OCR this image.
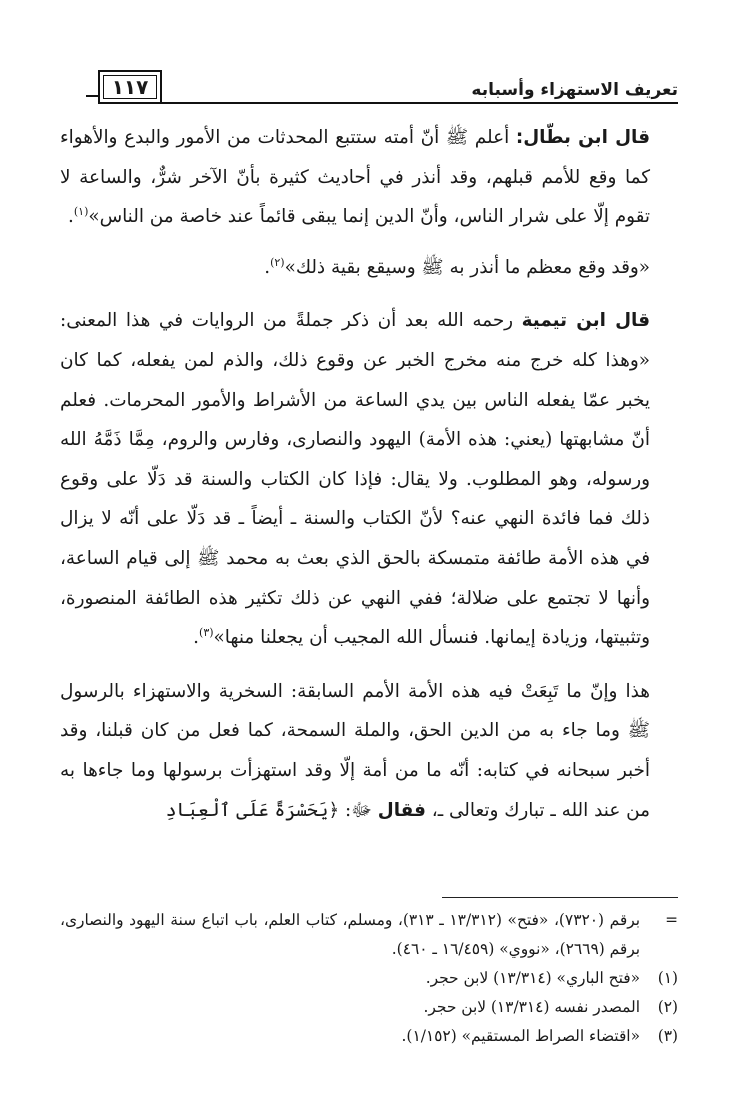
تعريف الاستهزاء وأسبابه
١١٧

قال ابن بطّال: أعلم ﷺ أنّ أمته ستتبع المحدثات من الأمور والبدع والأهواء كما وقع للأمم قبلهم، وقد أنذر في أحاديث كثيرة بأنّ الآخر شرٌّ، والساعة لا تقوم إلّا على شرار الناس، وأنّ الدين إنما يبقى قائماً عند خاصة من الناس»$^{(١)}$.

«وقد وقع معظم ما أنذر به ﷺ وسيقع بقية ذلك»$^{(٢)}$.

قال ابن تيمية رحمه الله بعد أن ذكر جملةً من الروايات في هذا المعنى: «وهذا كله خرج منه مخرج الخبر عن وقوع ذلك، والذم لمن يفعله، كما كان يخبر عمّا يفعله الناس بين يدي الساعة من الأشراط والأمور المحرمات. فعلم أنّ مشابهتها (يعني: هذه الأمة) اليهود والنصارى، وفارس والروم، مِمَّا ذَمَّهُ الله ورسوله، وهو المطلوب. ولا يقال: فإذا كان الكتاب والسنة قد دَلّا على وقوع ذلك فما فائدة النهي عنه؟ لأنّ الكتاب والسنة ـ أيضاً ـ قد دَلّا على أنّه لا يزال في هذه الأمة طائفة متمسكة بالحق الذي بعث به محمد ﷺ إلى قيام الساعة، وأنها لا تجتمع على ضلالة؛ ففي النهي عن ذلك تكثير هذه الطائفة المنصورة، وتثبيتها، وزيادة إيمانها. فنسأل الله المجيب أن يجعلنا منها»$^{(٣)}$.

هذا وإنّ ما تَبِعَتْ فيه هذه الأمة الأمم السابقة: السخرية والاستهزاء بالرسول ﷺ وما جاء به من الدين الحق، والملة السمحة، كما فعل من كان قبلنا، وقد أخبر سبحانه في كتابه: أنّه ما من أمة إلّا وقد استهزأت برسولها وما جاءها به من عند الله ـ تبارك وتعالى ـ، فقال ﷻ: ﴿يَحَسْرَةً عَلَى ٱلْعِبَادِ

=
برقم (٧٣٢٠)، «فتح» (١٣/٣١٢ ـ ٣١٣)، ومسلم، كتاب العلم، باب اتباع سنة اليهود والنصارى، برقم (٢٦٦٩)، «نووي» (١٦/٤٥٩ ـ ٤٦٠).
(١)
«فتح الباري» (١٣/٣١٤) لابن حجر.
(٢)
المصدر نفسه (١٣/٣١٤) لابن حجر.
(٣)
«اقتضاء الصراط المستقيم» (١/١٥٢).
